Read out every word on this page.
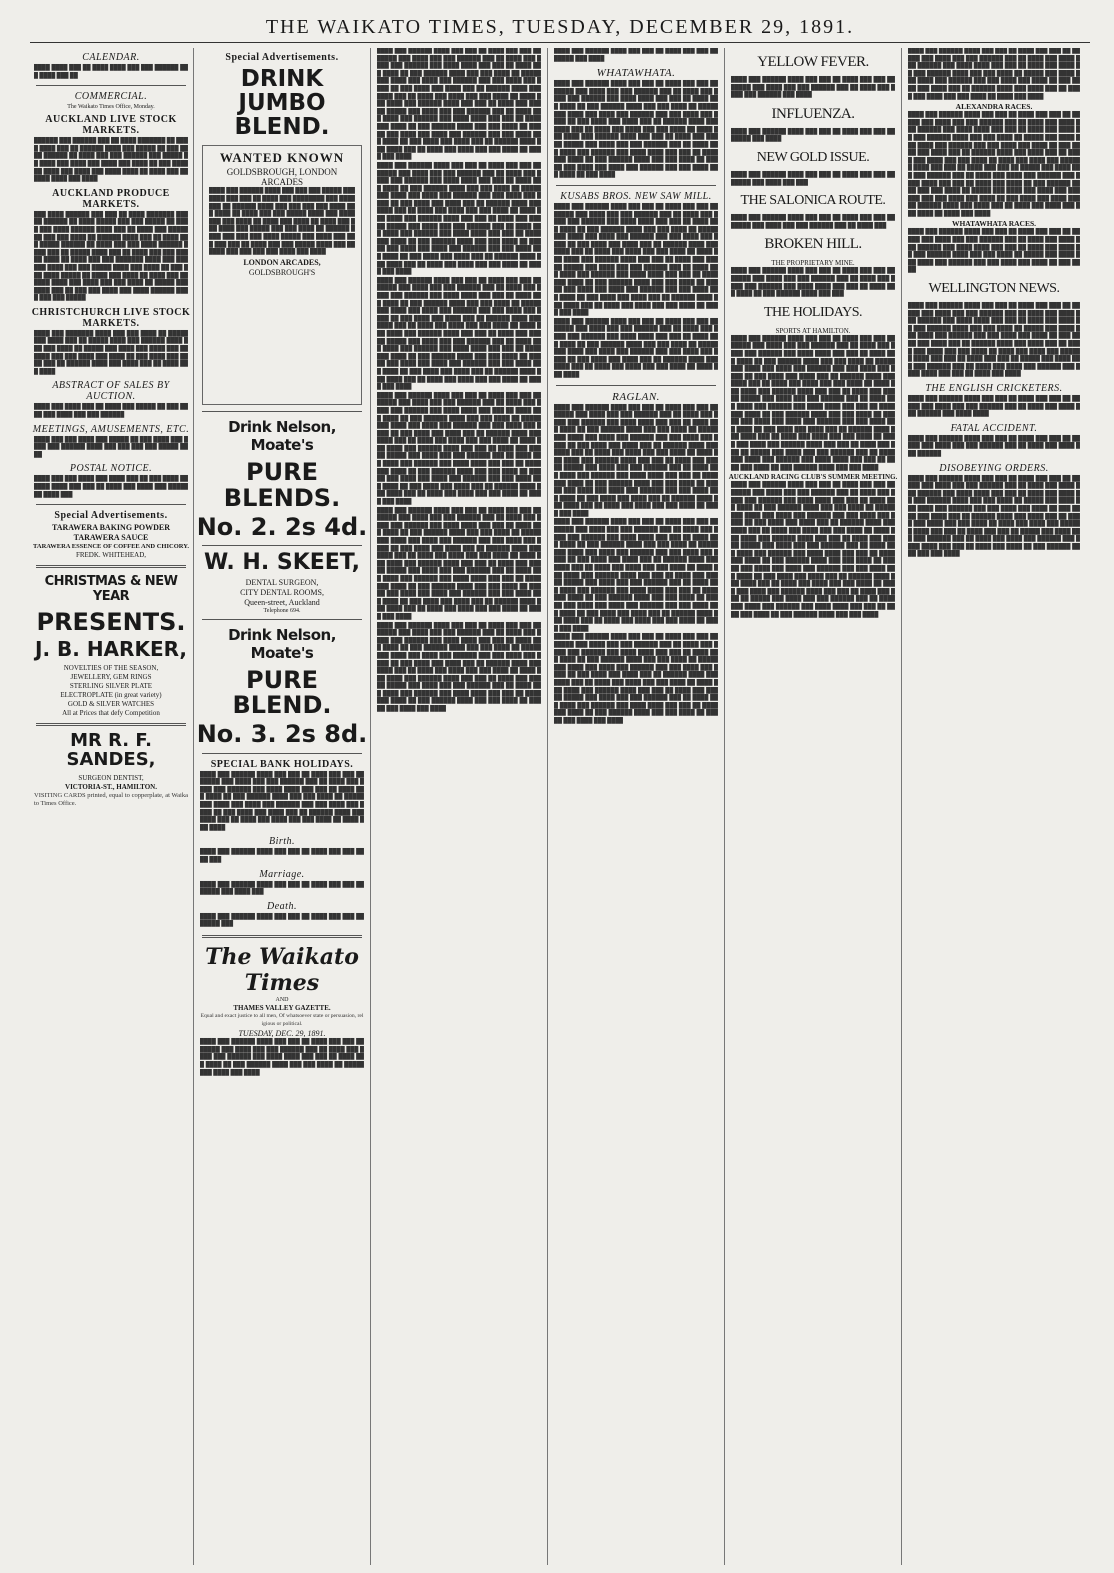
THE WAIKATO TIMES, TUESDAY, DECEMBER 29, 1891.
CALENDAR.

████ ████ ███ ██ ████ ████ ███ ███ ██████ ███ ████ ███ ██

COMMERCIAL.
The Waikato Times Office, Monday.
AUCKLAND LIVE STOCK MARKETS.

██████ ███ ██████ ███ ██ ████ ███████ ██ ████ ████ ███ ██ ██████ ████ ███ █████ ██ ███ ████ ██████ ██ ████ ███ ███ ██████ ███ █████ ██ ████ ███ ████ ███ ████ ███ ████ ██ ███ ██████ ████ ███ ████ ███ ████ ████ ██ ████ ███ ██████ ████ ███ ████

AUCKLAND PRODUCE MARKETS.

███ ████ ██████ ███ ███ ██ ████ ███████ ███ ██ ██████ ██ ████ █████ ███ ███ █████ ██ ████ ███ ████ ██████ ████ ███ ██ ████ ███ ███████ ███ ███ ████ ██ ██████ ████ ███ ██ ████ ███ █████ ██████ ██ ████ ███ ███ ████ ██████ ████ ███ ██ █████ ████ ███ ██ ████ ███ ███ █████ ████ ██ ████ ███ ███ ███████ ████ ███ ███ ███ ████ ███ ███ █████ ████ ███ ████ ██ ███ ███ ████ █████ ██ ████ ███ ████ ██ ████ ███ ██████ ████ ███ ████ ███ ███ ████ ██ █████ ███ ████ ███ ██ ███ ███ ████ ███ ████ ██████ ████ ███ ███ █████

CHRISTCHURCH LIVE STOCK MARKETS.

████ ███ ███████ ████ ███ ███ ████ ██ █████ ███ ████ ███ ██ █████ ████ ███ ██████ ████ ███ ███ ████ ██ █████ ███ ████ ███ ████ ███ ██████ ███ ███ ████ ███ ████ ██ ███ ████ ███ ████ ███ ██ ██████ ████ ███ ████ ███ ██ ████ ███ ████

ABSTRACT OF SALES BY AUCTION.

████ ███ ████ ███ ██ ████ ███ █████ ██ ███ ████ ███ ████ ███ ███ ██████

MEETINGS, AMUSEMENTS, ETC.

████ ███ ███ ████ ███ █████ ██ ███ ████ ███ ████ ███ ██████ ████ ███ ███ ███ ███ █████ ████

POSTAL NOTICE.

████ ███ ███ ████ ███ ████ ███ ██ ███ ████ ██████ ████ ███ ███ ██ ████ ███ ████ ███ █████ ██ ████ ███

Special Advertisements.
TARAWERA BAKING POWDER
TARAWERA SAUCE
TARAWERA ESSENCE OF COFFEE AND CHICORY.
FREDK. WHITEHEAD,
CHRISTMAS & NEW YEAR
PRESENTS.
J. B. HARKER,
NOVELTIES OF THE SEASON,
JEWELLERY, GEM RINGS
STERLING SILVER PLATE
ELECTROPLATE (in great variety)
GOLD & SILVER WATCHES
All at Prices that defy Competition
MR R. F. SANDES,
SURGEON DENTIST,
VICTORIA-ST., HAMILTON.
VISITING CARDS printed, equal to copperplate, at Waikato Times Office.
Special Advertisements.
DRINK JUMBO BLEND.
WANTED KNOWN
GOLDSBROUGH, LONDON ARCADES

████ ███ ██████ ████ ███ ███ ███ █████ ███ ████ ███ ███ ██ ████ ███ ████████ ███ ████ ███ ██ ██████ ████ ███ ███ ███ ███ ████ ███ ████ ██ ████ ███ ███ █████ ████ ███ ████ ███ ███ ████ ██ ████ ███ ████ ██ ████ ███ ███ ████ ███ █████ ███ ███ ████ ██ ██████ ████ ███ ███ ███ ████ █████ ███ ████ ███ ███ ███ ███ ██ ████ ███ ███ █████ ████ ███ ██ ████ ███ ███ ███ ███ ████ ███ ████

LONDON ARCADES,
GOLDSBROUGH'S
Drink Nelson, Moate's
PURE BLENDS.
No. 2. 2s 4d.
W. H. SKEET,
DENTAL SURGEON,
CITY DENTAL ROOMS,
Queen-street, Auckland
Telephone 694.
Drink Nelson, Moate's
PURE BLEND.
No. 3. 2s 8d.
SPECIAL BANK HOLIDAYS.

████ ███ ██████ ████ ███ ███ ██ ████ ███ ███ ██ █████ ███ ████ ███ ███ ██████ ███ ██ ████ ███ ████ ███ ██████ ███ ████ ████ ███ ███ ██ ████ ███ ████ ██ ███ ██████ ████ ███ ███ ████ ██ █████ ███ ████ ███ ████ ███ ██████ ███ ███ ████ ███ ████ ██ ███ ████ ███ ████ ███ ██ ██████ ████ ███ ████ ███ ██ ████ ███ ████ ███ ███ ████ ██ ████ ███ ████

Birth.

████ ███ ██████ ████ ███ ███ ██ ████ ███ ███ ████ ███

Marriage.

████ ███ ██████ ████ ███ ███ ██ ████ ███ ███ ██ █████ ███ ████ ███

Death.

████ ███ ██████ ████ ███ ███ ██ ████ ███ ███ ██ █████ ███

The Waikato Times
AND
THAMES VALLEY GAZETTE.
Equal and exact justice to all men, Of whatsoever state or persuasion, religious or political.
TUESDAY, DEC. 29, 1891.

████ ███ ██████ ████ ███ ███ ██ ████ ███ ███ ██ █████ ███ ████ ███ ███ ██████ ███ ██ ████ ███ ████ ███ ██████ ███ ████ ████ ███ ███ ██ ████ ███ ████ ██ ███ ██████ ████ ███ ███ ████ ██ █████ ███ ████ ███ ████

████ ███ ██████ ████ ███ ███ ██ ████ ███ ███ ██ █████ ███ ████ ███ ███ ██████ ███ ██ ████ ███ ████ ███ ██████ ███ ████ ████ ███ ███ ██ ████ ███ ████ ██ ███ ██████ ████ ███ ███ ████ ██ █████ ███ ████ ███ ████ ███ ██████ ███ ███ ████ ███ ████ ██ ███ ████ ███ ████ ███ ██ ██████ ████ ███ ████ ███ ██ ████ ███ ████ ███ ███ ████ ██ ████ ███ ████ ███ ██████ ████ ███ ███ ██ ████ ███ ███ ██ █████ ███ ████ ███ ███ ██████ ███ ██ ████ ███ ████ ███ ██████ ███ ████ ████ ███ ███ ██ ████ ███ ████ ██ ███ ██████ ████ ███ ███ ████ ██ █████ ███ ████ ███ ████ ███ ██████ ███ ███ ████ ███ ████ ██ ███ ████ ███ ████ ███ ██ ██████ ████ ███ ████ ███ ██ ████ ███ ████ ███ ███ ████ ██ ████ ███ ████

████ ███ ██████ ████ ███ ███ ██ ████ ███ ███ ██ █████ ███ ████ ███ ███ ██████ ███ ██ ████ ███ ████ ███ ██████ ███ ████ ████ ███ ███ ██ ████ ███ ████ ██ ███ ██████ ████ ███ ███ ████ ██ █████ ███ ████ ███ ████ ███ ██████ ███ ███ ████ ███ ████ ██ ███ ████ ███ ████ ███ ██ ██████ ████ ███ ████ ███ ██ ████ ███ ████ ███ ███ ████ ██ ████ ███ ████ ███ ██████ ████ ███ ███ ██ ████ ███ ███ ██ █████ ███ ████ ███ ███ ██████ ███ ██ ████ ███ ████ ███ ██████ ███ ████ ████ ███ ███ ██ ████ ███ ████ ██ ███ ██████ ████ ███ ███ ████ ██ █████ ███ ████ ███ ████ ███ ██████ ███ ███ ████ ███ ████ ██ ███ ████ ███ ████ ███ ██ ██████ ████ ███ ████ ███ ██ ████ ███ ████ ███ ███ ████ ██ ████ ███ ████

████ ███ ██████ ████ ███ ███ ██ ████ ███ ███ ██ █████ ███ ████ ███ ███ ██████ ███ ██ ████ ███ ████ ███ ██████ ███ ████ ████ ███ ███ ██ ████ ███ ████ ██ ███ ██████ ████ ███ ███ ████ ██ █████ ███ ████ ███ ████ ███ ██████ ███ ███ ████ ███ ████ ██ ███ ████ ███ ████ ███ ██ ██████ ████ ███ ████ ███ ██ ████ ███ ████ ███ ███ ████ ██ ████ ███ ████ ███ ██████ ████ ███ ███ ██ ████ ███ ███ ██ █████ ███ ████ ███ ███ ██████ ███ ██ ████ ███ ████ ███ ██████ ███ ████ ████ ███ ███ ██ ████ ███ ████ ██ ███ ██████ ████ ███ ███ ████ ██ █████ ███ ████ ███ ████ ███ ██████ ███ ███ ████ ███ ████ ██ ███ ████ ███ ████ ███ ██ ██████ ████ ███ ████ ███ ██ ████ ███ ████ ███ ███ ████ ██ ████ ███ ████

████ ███ ██████ ████ ███ ███ ██ ████ ███ ███ ██ █████ ███ ████ ███ ███ ██████ ███ ██ ████ ███ ████ ███ ██████ ███ ████ ████ ███ ███ ██ ████ ███ ████ ██ ███ ██████ ████ ███ ███ ████ ██ █████ ███ ████ ███ ████ ███ ██████ ███ ███ ████ ███ ████ ██ ███ ████ ███ ████ ███ ██ ██████ ████ ███ ████ ███ ██ ████ ███ ████ ███ ███ ████ ██ ████ ███ ████ ███ ██████ ████ ███ ███ ██ ████ ███ ███ ██ █████ ███ ████ ███ ███ ██████ ███ ██ ████ ███ ████ ███ ██████ ███ ████ ████ ███ ███ ██ ████ ███ ████ ██ ███ ██████ ████ ███ ███ ████ ██ █████ ███ ████ ███ ████ ███ ██████ ███ ███ ████ ███ ████ ██ ███ ████ ███ ████ ███ ██ ██████ ████ ███ ████ ███ ██ ████ ███ ████ ███ ███ ████ ██ ████ ███ ████

████ ███ ██████ ████ ███ ███ ██ ████ ███ ███ ██ █████ ███ ████ ███ ███ ██████ ███ ██ ████ ███ ████ ███ ██████ ███ ████ ████ ███ ███ ██ ████ ███ ████ ██ ███ ██████ ████ ███ ███ ████ ██ █████ ███ ████ ███ ████ ███ ██████ ███ ███ ████ ███ ████ ██ ███ ████ ███ ████ ███ ██ ██████ ████ ███ ████ ███ ██ ████ ███ ████ ███ ███ ████ ██ ████ ███ ████ ███ ██████ ████ ███ ███ ██ ████ ███ ███ ██ █████ ███ ████ ███ ███ ██████ ███ ██ ████ ███ ████ ███ ██████ ███ ████ ████ ███ ███ ██ ████ ███ ████ ██ ███ ██████ ████ ███ ███ ████ ██ █████ ███ ████ ███ ████ ███ ██████ ███ ███ ████ ███ ████ ██ ███ ████ ███ ████ ███ ██ ██████ ████ ███ ████ ███ ██ ████ ███ ████ ███ ███ ████ ██ ████ ███ ████

████ ███ ██████ ████ ███ ███ ██ ████ ███ ███ ██ █████ ███ ████ ███ ███ ██████ ███ ██ ████ ███ ████ ███ ██████ ███ ████ ████ ███ ███ ██ ████ ███ ████ ██ ███ ██████ ████ ███ ███ ████ ██ █████ ███ ████ ███ ████ ███ ██████ ███ ███ ████ ███ ████ ██ ███ ████ ███ ████ ███ ██ ██████ ████ ███ ████ ███ ██ ████ ███ ████ ███ ███ ████ ██ ████ ███ ████ ███ ██████ ████ ███ ███ ██ ████ ███ ███ ██ █████ ███ ████ ███ ███ ██████ ███ ██ ████ ███ ████ ███ ██████ ███ ████ ████ ███ ███ ██ ████ ███ ████ ██ ███ ██████ ████ ███ ███ ████ ██ █████ ███ ████ ███ ████

████ ███ ██████ ████ ███ ███ ██ ████ ███ ███ ██ █████ ███ ████

WHATAWHATA.

████ ███ ██████ ████ ███ ███ ██ ████ ███ ███ ██ █████ ███ ████ ███ ███ ██████ ███ ██ ████ ███ ████ ███ ██████ ███ ████ ████ ███ ███ ██ ████ ███ ████ ██ ███ ██████ ████ ███ ███ ████ ██ █████ ███ ████ ███ ████ ███ ██████ ███ ███ ████ ███ ████ ██ ███ ████ ███ ████ ███ ██ ██████ ████ ███ ████ ███ ██ ████ ███ ████ ███ ███ ████ ██ ████ ███ ████ ███ ██████ ████ ███ ███ ██ ████ ███ ███ ██ █████ ███ ████ ███ ███ ██████ ███ ██ ████ ███ ████ ███ ██████ ███ ████ ████ ███ ███ ██ ████ ███ ████ ██ ███ ██████ ████ ███ ███ ████ ██ █████ ███ ████ ███ ████ ███ ██████ ███ ███ ████ ███ ████ ██ ███ ████

KUSABS BROS. NEW SAW MILL.

████ ███ ██████ ████ ███ ███ ██ ████ ███ ███ ██ █████ ███ ████ ███ ███ ██████ ███ ██ ████ ███ ████ ███ ██████ ███ ████ ████ ███ ███ ██ ████ ███ ████ ██ ███ ██████ ████ ███ ███ ████ ██ █████ ███ ████ ███ ████ ███ ██████ ███ ███ ████ ███ ████ ██ ███ ████ ███ ████ ███ ██ ██████ ████ ███ ████ ███ ██ ████ ███ ████ ███ ███ ████ ██ ████ ███ ████ ███ ██████ ████ ███ ███ ██ ████ ███ ███ ██ █████ ███ ████ ███ ███ ██████ ███ ██ ████ ███ ████ ███ ██████ ███ ████ ████ ███ ███ ██ ████ ███ ████ ██ ███ ██████ ████ ███ ███ ████ ██ █████ ███ ████ ███ ████ ███ ██████ ███ ███ ████ ███ ████ ██ ███ ████ ███ ████ ███ ██ ██████ ████ ███ ████ ███ ██ ████ ███ ████ ███ ███ ████ ██ ████ ███ ████

████ ███ ██████ ████ ███ ███ ██ ████ ███ ███ ██ █████ ███ ████ ███ ███ ██████ ███ ██ ████ ███ ████ ███ ██████ ███ ████ ████ ███ ███ ██ ████ ███ ████ ██ ███ ██████ ████ ███ ███ ████ ██ █████ ███ ████ ███ ████ ███ ██████ ███ ███ ████ ███ ████ ██ ███ ████ ███ ████ ███ ██ ██████ ████ ███ ████ ███ ██ ████ ███ ████ ███ ███ ████ ██ ████ ███ ████

RAGLAN.

████ ███ ██████ ████ ███ ███ ██ ████ ███ ███ ██ █████ ███ ████ ███ ███ ██████ ███ ██ ████ ███ ████ ███ ██████ ███ ████ ████ ███ ███ ██ ████ ███ ████ ██ ███ ██████ ████ ███ ███ ████ ██ █████ ███ ████ ███ ████ ███ ██████ ███ ███ ████ ███ ████ ██ ███ ████ ███ ████ ███ ██ ██████ ████ ███ ████ ███ ██ ████ ███ ████ ███ ███ ████ ██ ████ ███ ████ ███ ██████ ████ ███ ███ ██ ████ ███ ███ ██ █████ ███ ████ ███ ███ ██████ ███ ██ ████ ███ ████ ███ ██████ ███ ████ ████ ███ ███ ██ ████ ███ ████ ██ ███ ██████ ████ ███ ███ ████ ██ █████ ███ ████ ███ ████ ███ ██████ ███ ███ ████ ███ ████ ██ ███ ████ ███ ████ ███ ██ ██████ ████ ███ ████ ███ ██ ████ ███ ████ ███ ███ ████ ██ ████ ███ ████

████ ███ ██████ ████ ███ ███ ██ ████ ███ ███ ██ █████ ███ ████ ███ ███ ██████ ███ ██ ████ ███ ████ ███ ██████ ███ ████ ████ ███ ███ ██ ████ ███ ████ ██ ███ ██████ ████ ███ ███ ████ ██ █████ ███ ████ ███ ████ ███ ██████ ███ ███ ████ ███ ████ ██ ███ ████ ███ ████ ███ ██ ██████ ████ ███ ████ ███ ██ ████ ███ ████ ███ ███ ████ ██ ████ ███ ████ ███ ██████ ████ ███ ███ ██ ████ ███ ███ ██ █████ ███ ████ ███ ███ ██████ ███ ██ ████ ███ ████ ███ ██████ ███ ████ ████ ███ ███ ██ ████ ███ ████ ██ ███ ██████ ████ ███ ███ ████ ██ █████ ███ ████ ███ ████ ███ ██████ ███ ███ ████ ███ ████ ██ ███ ████ ███ ████ ███ ██ ██████ ████ ███ ████ ███ ██ ████ ███ ████ ███ ███ ████ ██ ████ ███ ████

████ ███ ██████ ████ ███ ███ ██ ████ ███ ███ ██ █████ ███ ████ ███ ███ ██████ ███ ██ ████ ███ ████ ███ ██████ ███ ████ ████ ███ ███ ██ ████ ███ ████ ██ ███ ██████ ████ ███ ███ ████ ██ █████ ███ ████ ███ ████ ███ ██████ ███ ███ ████ ███ ████ ██ ███ ████ ███ ████ ███ ██ ██████ ████ ███ ████ ███ ██ ████ ███ ████ ███ ███ ████ ██ ████ ███ ████ ███ ██████ ████ ███ ███ ██ ████ ███ ███ ██ █████ ███ ████ ███ ███ ██████ ███ ██ ████ ███ ████ ███ ██████ ███ ████ ████ ███ ███ ██ ████ ███ ████ ██ ███ ██████ ████ ███ ███ ████ ██ █████ ███ ████ ███ ████

YELLOW FEVER.

████ ███ ██████ ████ ███ ███ ██ ████ ███ ███ ██ █████ ███ ████ ███ ███ ██████ ███ ██ ████ ███ ████ ███ ██████ ███ ████

INFLUENZA.

████ ███ ██████ ████ ███ ███ ██ ████ ███ ███ ██ █████ ███ ████

NEW GOLD ISSUE.

████ ███ ██████ ████ ███ ███ ██ ████ ███ ███ ██ █████ ███ ████ ███ ███

THE SALONICA ROUTE.

████ ███ ██████ ████ ███ ███ ██ ████ ███ ███ ██ █████ ███ ████ ███ ███ ██████ ███ ██ ████ ███

BROKEN HILL.
THE PROPRIETARY MINE.

████ ███ ██████ ████ ███ ███ ██ ████ ███ ███ ██ █████ ███ ████ ███ ███ ██████ ███ ██ ████ ███ ████ ███ ██████ ███ ████ ████ ███ ███ ██ ████ ███ ████ ██ ███ ██████ ████ ███ ███

THE HOLIDAYS.
SPORTS AT HAMILTON.

████ ███ ██████ ████ ███ ███ ██ ████ ███ ███ ██ █████ ███ ████ ███ ███ ██████ ███ ██ ████ ███ ████ ███ ██████ ███ ████ ████ ███ ███ ██ ████ ███ ████ ██ ███ ██████ ████ ███ ███ ████ ██ █████ ███ ████ ███ ████ ███ ██████ ███ ███ ████ ███ ████ ██ ███ ████ ███ ████ ███ ██ ██████ ████ ███ ████ ███ ██ ████ ███ ████ ███ ███ ████ ██ ████ ███ ████ ███ ██████ ████ ███ ███ ██ ████ ███ ███ ██ █████ ███ ████ ███ ███ ██████ ███ ██ ████ ███ ████ ███ ██████ ███ ████ ████ ███ ███ ██ ████ ███ ████ ██ ███ ██████ ████ ███ ███ ████ ██ █████ ███ ████ ███ ████ ███ ██████ ███ ███ ████ ███ ████ ██ ███ ████ ███ ████ ███ ██ ██████ ████ ███ ████ ███ ██ ████ ███ ████ ███ ███ ████ ██ ████ ███ ████ ███ ██████ ████ ███ ███ ██ ████ ███ ███ ██ █████ ███ ████ ███ ███ ██████ ███ ██ ████ ███ ████ ███ ██████ ███ ████ ████ ███ ███ ██ ████ ███ ████ ██ ███ ██████ ████ ███ ███ ████

AUCKLAND RACING CLUB'S SUMMER MEETING.

████ ███ ██████ ████ ███ ███ ██ ████ ███ ███ ██ █████ ███ ████ ███ ███ ██████ ███ ██ ████ ███ ████ ███ ██████ ███ ████ ████ ███ ███ ██ ████ ███ ████ ██ ███ ██████ ████ ███ ███ ████ ██ █████ ███ ████ ███ ████ ███ ██████ ███ ███ ████ ███ ████ ██ ███ ████ ███ ████ ███ ██ ██████ ████ ███ ████ ███ ██ ████ ███ ████ ███ ███ ████ ██ ████ ███ ████ ███ ██████ ████ ███ ███ ██ ████ ███ ███ ██ █████ ███ ████ ███ ███ ██████ ███ ██ ████ ███ ████ ███ ██████ ███ ████ ████ ███ ███ ██ ████ ███ ████ ██ ███ ██████ ████ ███ ███ ████ ██ █████ ███ ████ ███ ████ ███ ██████ ███ ███ ████ ███ ████ ██ ███ ████ ███ ████ ███ ██ ██████ ████ ███ ████ ███ ██ ████ ███ ████ ███ ███ ████ ██ ████ ███ ████ ███ ██████ ████ ███ ███ ██ ████ ███ ███ ██ █████ ███ ████ ███ ███ ██████ ███ ██ ████ ███ ████ ███ ██████ ███ ████ ████ ███ ███ ██ ████ ███ ████ ██ ███ ██████ ████ ███ ███ ████

████ ███ ██████ ████ ███ ███ ██ ████ ███ ███ ██ █████ ███ ████ ███ ███ ██████ ███ ██ ████ ███ ████ ███ ██████ ███ ████ ████ ███ ███ ██ ████ ███ ████ ██ ███ ██████ ████ ███ ███ ████ ██ █████ ███ ████ ███ ████ ███ ██████ ███ ███ ████ ███ ████ ██ ███ ████ ███ ████ ███ ██ ██████ ████ ███ ████ ███ ██ ████ ███ ████ ███ ███ ████ ██ ████ ███ ████

ALEXANDRA RACES.

████ ███ ██████ ████ ███ ███ ██ ████ ███ ███ ██ █████ ███ ████ ███ ███ ██████ ███ ██ ████ ███ ████ ███ ██████ ███ ████ ████ ███ ███ ██ ████ ███ ████ ██ ███ ██████ ████ ███ ███ ████ ██ █████ ███ ████ ███ ████ ███ ██████ ███ ███ ████ ███ ████ ██ ███ ████ ███ ████ ███ ██ ██████ ████ ███ ████ ███ ██ ████ ███ ████ ███ ███ ████ ██ ████ ███ ████ ███ ██████ ████ ███ ███ ██ ████ ███ ███ ██ █████ ███ ████ ███ ███ ██████ ███ ██ ████ ███ ████ ███ ██████ ███ ████ ████ ███ ███ ██ ████ ███ ████ ██ ███ ██████ ████ ███ ███ ████ ██ █████ ███ ████ ███ ████ ███ ██████ ███ ███ ████ ███ ████ ██ ███ ████ ███ ████ ███ ██ ██████ ████ ███ ████ ███ ██ ████ ███ ████ ███ ███ ████ ██ ████ ███ ████

WHATAWHATA RACES.

████ ███ ██████ ████ ███ ███ ██ ████ ███ ███ ██ █████ ███ ████ ███ ███ ██████ ███ ██ ████ ███ ████ ███ ██████ ███ ████ ████ ███ ███ ██ ████ ███ ████ ██ ███ ██████ ████ ███ ███ ████ ██ █████ ███ ████ ███ ████ ███ ██████ ███ ███ ████ ███ ████ ██ ███ ████

WELLINGTON NEWS.

████ ███ ██████ ████ ███ ███ ██ ████ ███ ███ ██ █████ ███ ████ ███ ███ ██████ ███ ██ ████ ███ ████ ███ ██████ ███ ████ ████ ███ ███ ██ ████ ███ ████ ██ ███ ██████ ████ ███ ███ ████ ██ █████ ███ ████ ███ ████ ███ ██████ ███ ███ ████ ███ ████ ██ ███ ████ ███ ████ ███ ██ ██████ ████ ███ ████ ███ ██ ████ ███ ████ ███ ███ ████ ██ ████ ███ ████ ███ ██████ ████ ███ ███ ██ ████ ███ ███ ██ █████ ███ ████ ███ ███ ██████ ███ ██ ████ ███ ████ ███ ██████ ███ ████ ████ ███ ███ ██ ████ ███ ████

THE ENGLISH CRICKETERS.

████ ███ ██████ ████ ███ ███ ██ ████ ███ ███ ██ █████ ███ ████ ███ ███ ██████ ███ ██ ████ ███ ████ ███ ██████ ███ ████ ████

FATAL ACCIDENT.

████ ███ ██████ ████ ███ ███ ██ ████ ███ ███ ██ █████ ███ ████ ███ ███ ██████ ███ ██ ████ ███ ████ ███ ██████

DISOBEYING ORDERS.

████ ███ ██████ ████ ███ ███ ██ ████ ███ ███ ██ █████ ███ ████ ███ ███ ██████ ███ ██ ████ ███ ████ ███ ██████ ███ ████ ████ ███ ███ ██ ████ ███ ████ ██ ███ ██████ ████ ███ ███ ████ ██ █████ ███ ████ ███ ████ ███ ██████ ███ ███ ████ ███ ████ ██ ███ ████ ███ ████ ███ ██ ██████ ████ ███ ████ ███ ██ ████ ███ ████ ███ ███ ████ ██ ████ ███ ████ ███ ██████ ████ ███ ███ ██ ████ ███ ███ ██ █████ ███ ████ ███ ███ ██████ ███ ██ ████ ███ ████ ███ ██████ ███ ████ ████ ███ ███ ██ ████ ███ ████ ██ ███ ██████ ████ ███ ███ ████
